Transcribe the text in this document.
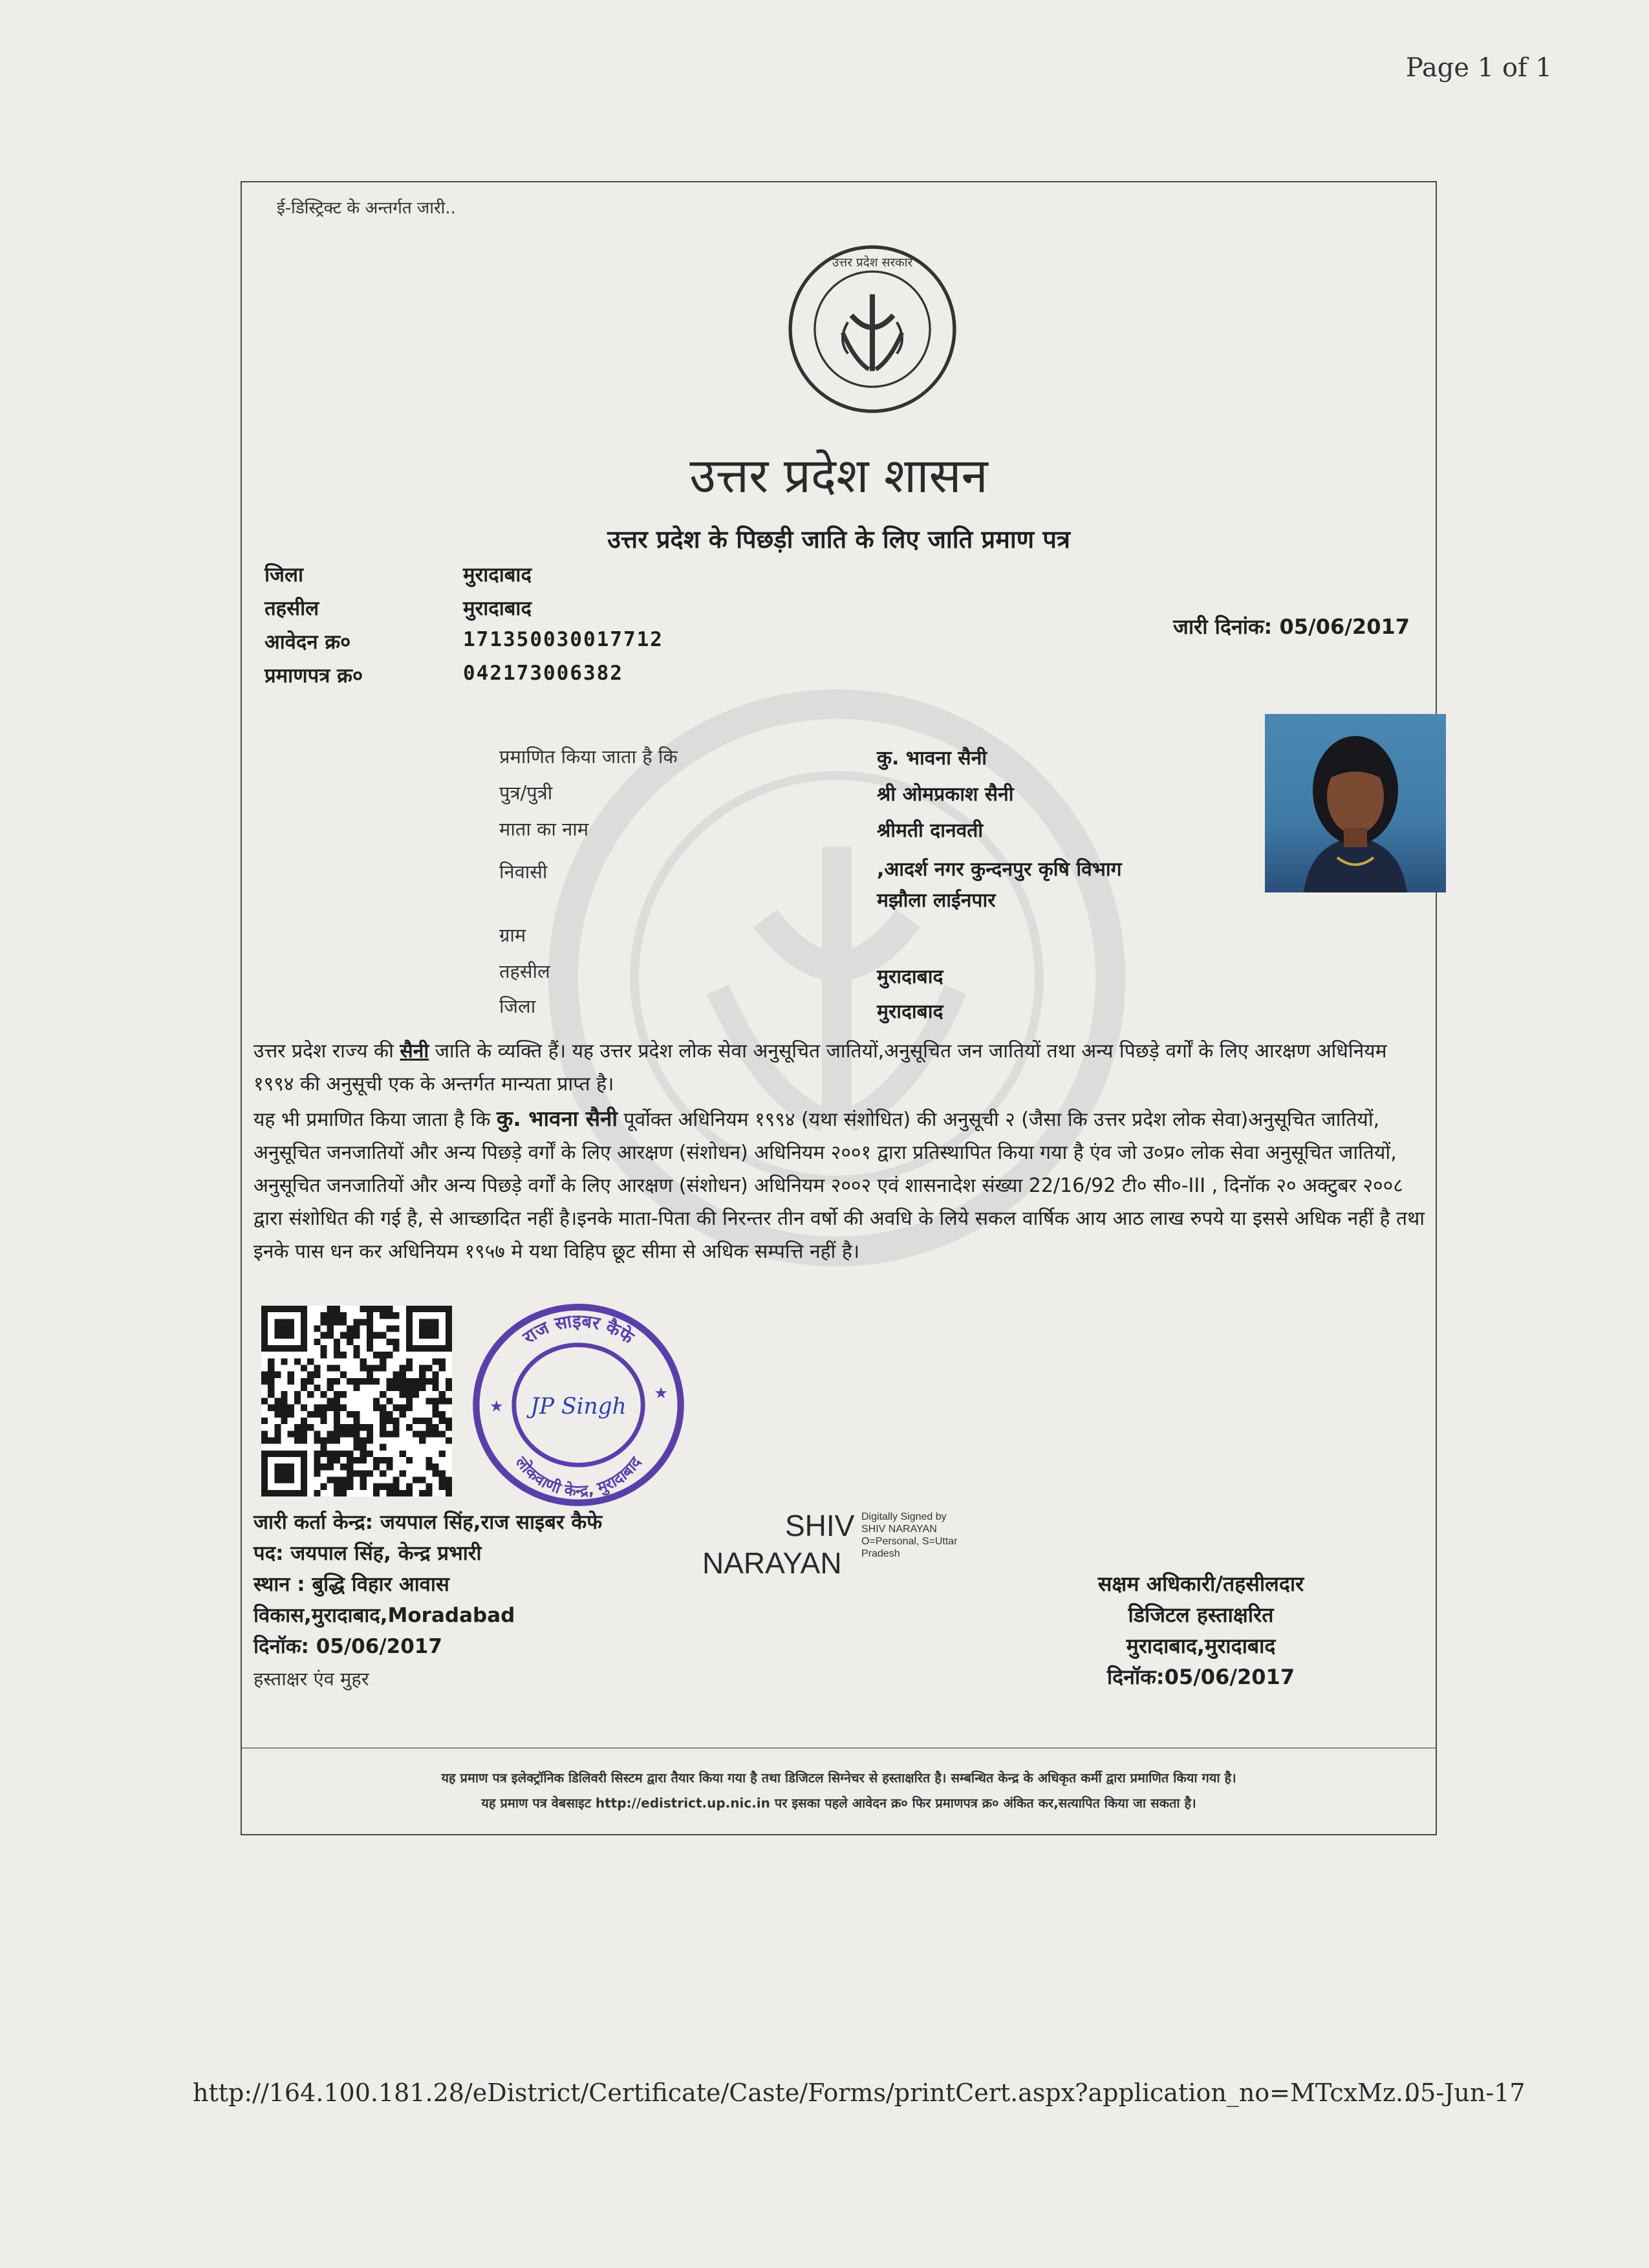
Page 1 of 1
ई-डिस्ट्रिक्ट के अन्तर्गत जारी..
उत्तर प्रदेश सरकार
उत्तर प्रदेश शासन
उत्तर प्रदेश के पिछड़ी जाति के लिए जाति प्रमाण पत्र
जिला	मुरादाबाद
तहसील	मुरादाबाद
आवेदन क्र०	171350030017712
प्रमाणपत्र क्र०	042173006382
जारी दिनांक: 05/06/2017
प्रमाणित किया जाता है कि	कु. भावना सैनी
पुत्र/पुत्री	श्री ओमप्रकाश सैनी
माता का नाम	श्रीमती दानवती
निवासी	,आदर्श नगर कुन्दनपुर कृषि विभाग
मझौला लाईनपार
ग्राम
तहसील	मुरादाबाद
जिला	मुरादाबाद
उत्तर प्रदेश राज्य की सैनी जाति के व्यक्ति हैं। यह उत्तर प्रदेश लोक सेवा अनुसूचित जातियों,अनुसूचित जन जातियों तथा अन्य पिछड़े वर्गों के लिए आरक्षण अधिनियम १९९४ की अनुसूची एक के अन्तर्गत मान्यता प्राप्त है।
यह भी प्रमाणित किया जाता है कि कु. भावना सैनी पूर्वोक्त अधिनियम १९९४ (यथा संशोधित) की अनुसूची २ (जैसा कि उत्तर प्रदेश लोक सेवा)अनुसूचित जातियों, अनुसूचित जनजातियों और अन्य पिछड़े वर्गों के लिए आरक्षण (संशोधन) अधिनियम २००१ द्वारा प्रतिस्थापित किया गया है एंव जो उ०प्र० लोक सेवा अनुसूचित जातियों, अनुसूचित जनजातियों और अन्य पिछड़े वर्गों के लिए आरक्षण (संशोधन) अधिनियम २००२ एवं शासनादेश संख्या 22/16/92 टी० सी०-III , दिनॉक २० अक्टुबर २००८ द्वारा संशोधित की गई है, से आच्छादित नहीं है।इनके माता-पिता की निरन्तर तीन वर्षो की अवधि के लिये सकल वार्षिक आय आठ लाख रुपये या इससे अधिक नहीं है तथा इनके पास धन कर अधिनियम १९५७ मे यथा विहिप छूट सीमा से अधिक सम्पत्ति नहीं है।
राज साइबर कैफे
लोकवाणी केन्द्र, मुरादाबाद
★
★
JP Singh
जारी कर्ता केन्द्र: जयपाल सिंह,राज साइबर कैफे
पद: जयपाल सिंह, केन्द्र प्रभारी
स्थान : बुद्धि विहार आवास
विकास,मुरादाबाद,Moradabad
दिनॉक: 05/06/2017
हस्ताक्षर एंव मुहर
SHIV
NARAYAN
Digitally Signed by
SHIV NARAYAN
O=Personal, S=Uttar
Pradesh
सक्षम अधिकारी/तहसीलदार
डिजिटल हस्ताक्षरित
मुरादाबाद,मुरादाबाद
दिनॉक:05/06/2017
यह प्रमाण पत्र इलेक्ट्रॉनिक डिलिवरी सिस्टम द्वारा तैयार किया गया है तथा डिजिटल सिग्नेचर से हस्ताक्षरित है। सम्बन्धित केन्द्र के अधिकृत कर्मी द्वारा प्रमाणित किया गया है।
यह प्रमाण पत्र वेबसाइट http://edistrict.up.nic.in पर इसका पहले आवेदन क्र० फिर प्रमाणपत्र क्र० अंकित कर,सत्यापित किया जा सकता है।
http://164.100.181.28/eDistrict/Certificate/Caste/Forms/printCert.aspx?application_no=MTcxMz...
05-Jun-17
